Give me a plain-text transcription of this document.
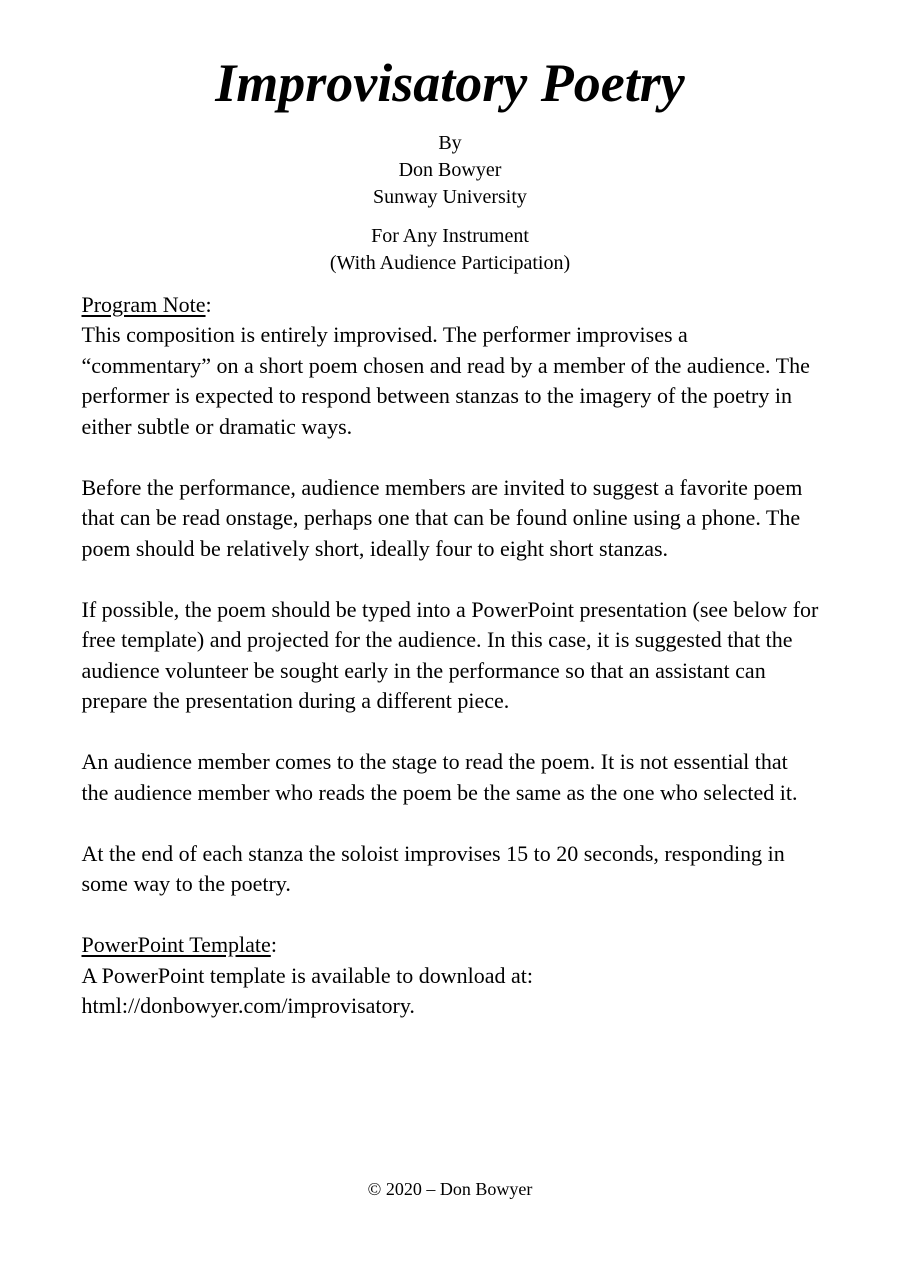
Improvisatory Poetry
By
Don Bowyer
Sunway University
For Any Instrument
(With Audience Participation)

Program Note:

This composition is entirely improvised. The performer improvises a “commentary” on a short poem chosen and read by a member of the audience. The performer is expected to respond between stanzas to the imagery of the poetry in either subtle or dramatic ways.

Before the performance, audience members are invited to suggest a favorite poem that can be read onstage, perhaps one that can be found online using a phone. The poem should be relatively short, ideally four to eight short stanzas.

If possible, the poem should be typed into a PowerPoint presentation (see below for free template) and projected for the audience. In this case, it is suggested that the audience volunteer be sought early in the performance so that an assistant can prepare the presentation during a different piece.

An audience member comes to the stage to read the poem. It is not essential that the audience member who reads the poem be the same as the one who selected it.

At the end of each stanza the soloist improvises 15 to 20 seconds, responding in some way to the poetry.

PowerPoint Template:

A PowerPoint template is available to download at:

html://donbowyer.com/improvisatory.

© 2020 – Don Bowyer
